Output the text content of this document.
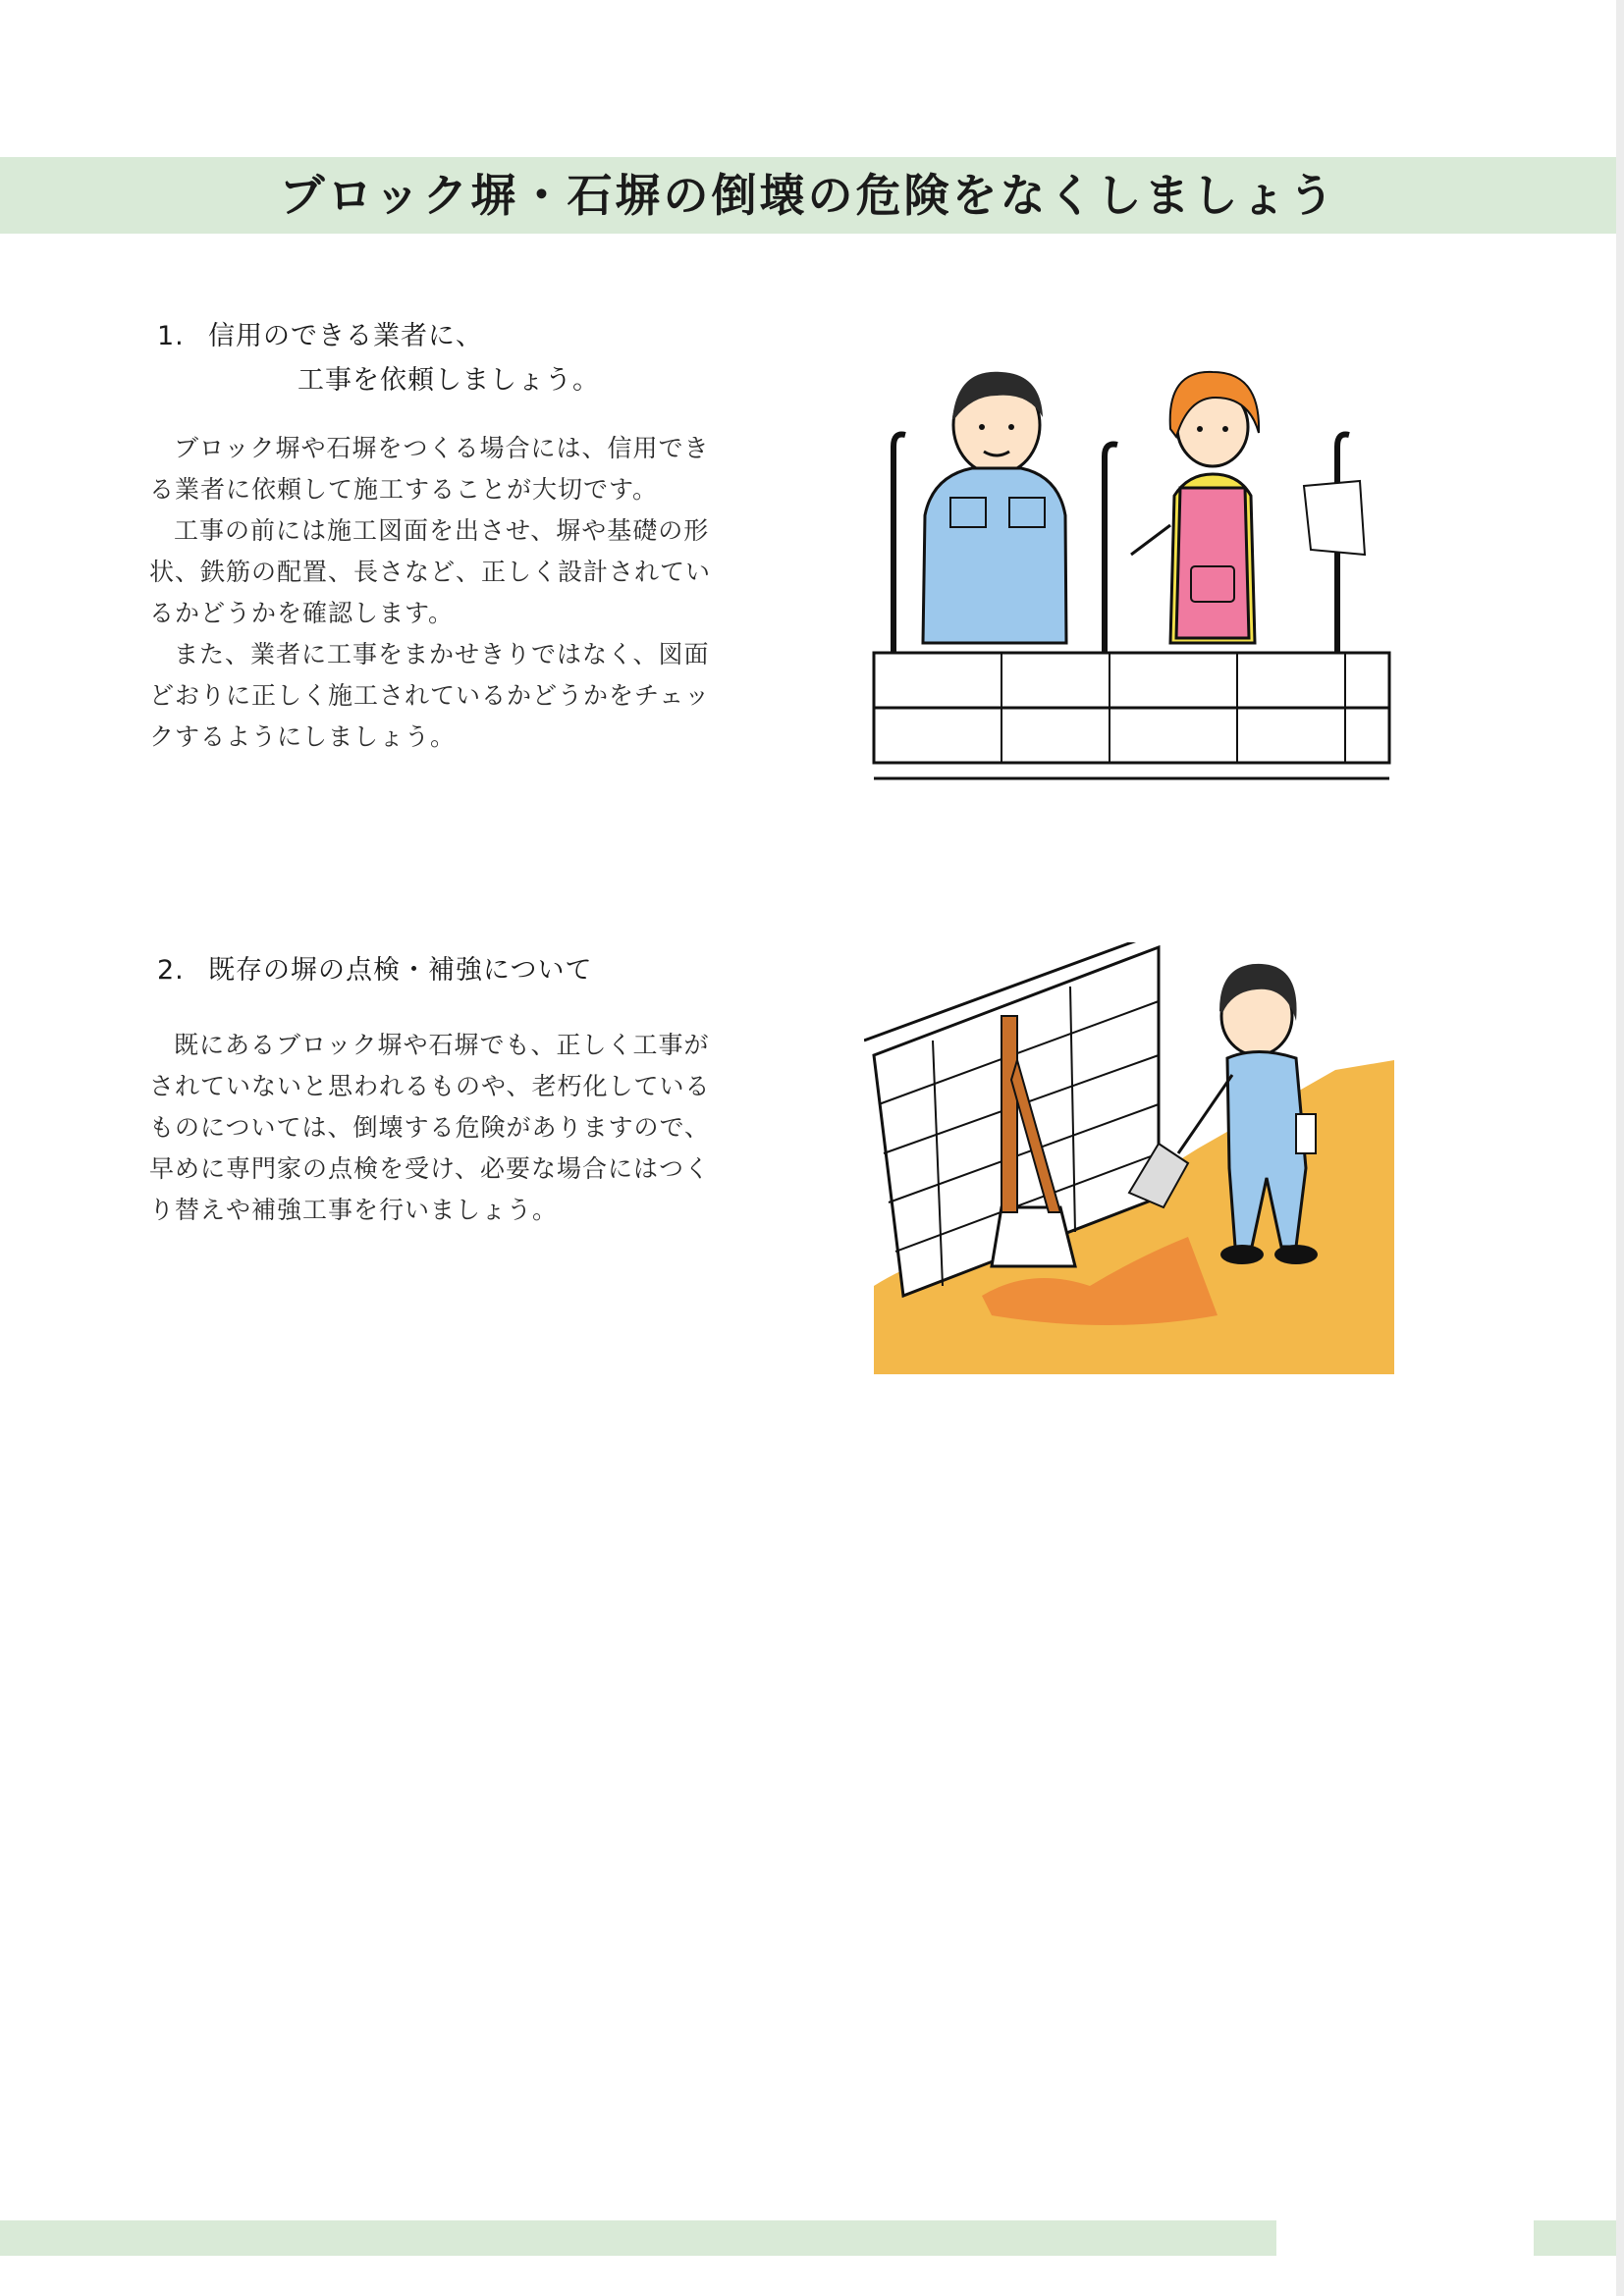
ブロック塀・石塀の倒壊の危険をなくしましょう
1. 信用のできる業者に、
工事を依頼しましょう。

ブロック塀や石塀をつくる場合には、信用できる業者に依頼して施工することが大切です。

工事の前には施工図面を出させ、塀や基礎の形状、鉄筋の配置、長さなど、正しく設計されているかどうかを確認します。

また、業者に工事をまかせきりではなく、図面どおりに正しく施工されているかどうかをチェックするようにしましょう。

2. 既存の塀の点検・補強について

既にあるブロック塀や石塀でも、正しく工事がされていないと思われるものや、老朽化しているものについては、倒壊する危険がありますので、早めに専門家の点検を受け、必要な場合にはつくり替えや補強工事を行いましょう。
